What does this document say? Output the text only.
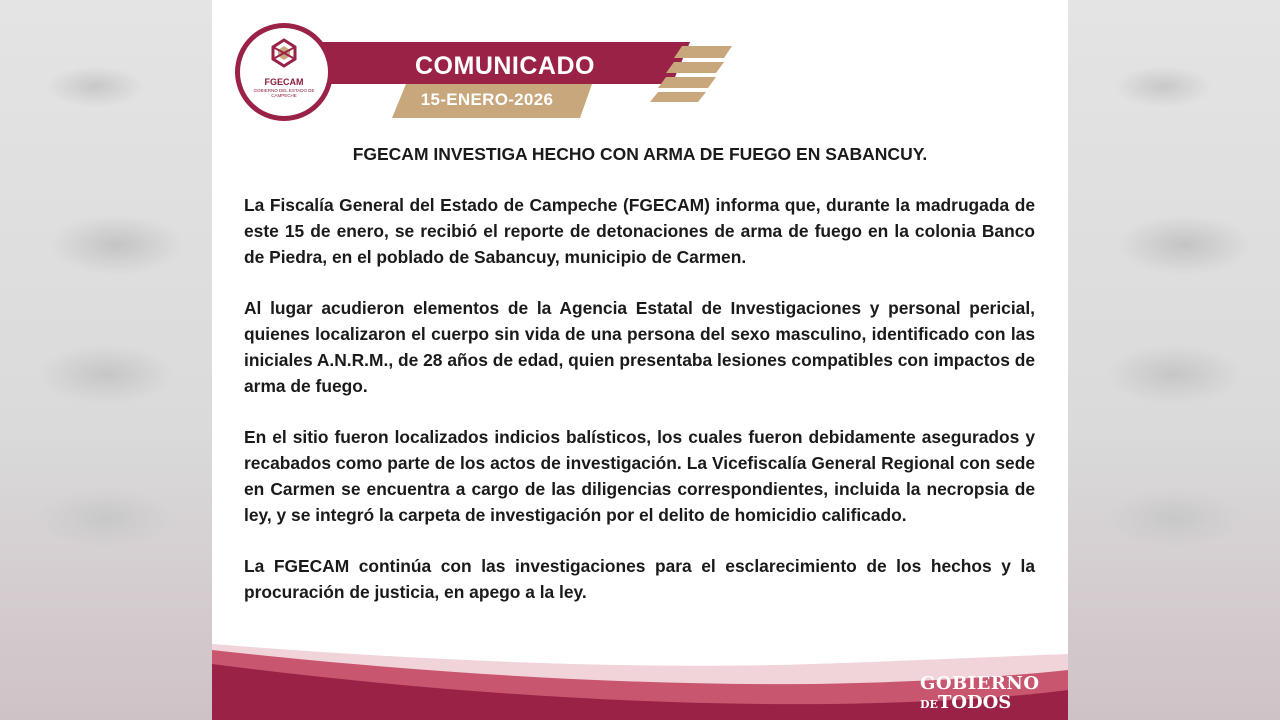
FGECAM
GOBIERNO DEL ESTADO DE CAMPECHE
COMUNICADO
15-ENERO-2026
FGECAM INVESTIGA HECHO CON ARMA DE FUEGO EN SABANCUY.

La Fiscalía General del Estado de Campeche (FGECAM) informa que, durante la madrugada de este 15 de enero, se recibió el reporte de detonaciones de arma de fuego en la colonia Banco de Piedra, en el poblado de Sabancuy, municipio de Carmen.

Al lugar acudieron elementos de la Agencia Estatal de Investigaciones y personal pericial, quienes localizaron el cuerpo sin vida de una persona del sexo masculino, identificado con las iniciales A.N.R.M., de 28 años de edad, quien presentaba lesiones compatibles con impactos de arma de fuego.

En el sitio fueron localizados indicios balísticos, los cuales fueron debidamente asegurados y recabados como parte de los actos de investigación. La Vicefiscalía General Regional con sede en Carmen se encuentra a cargo de las diligencias correspondientes, incluida la necropsia de ley, y se integró la carpeta de investigación por el delito de homicidio calificado.

La FGECAM continúa con las investigaciones para el esclarecimiento de los hechos y la procuración de justicia, en apego a la ley.

GOBIERNO
DETODOS
